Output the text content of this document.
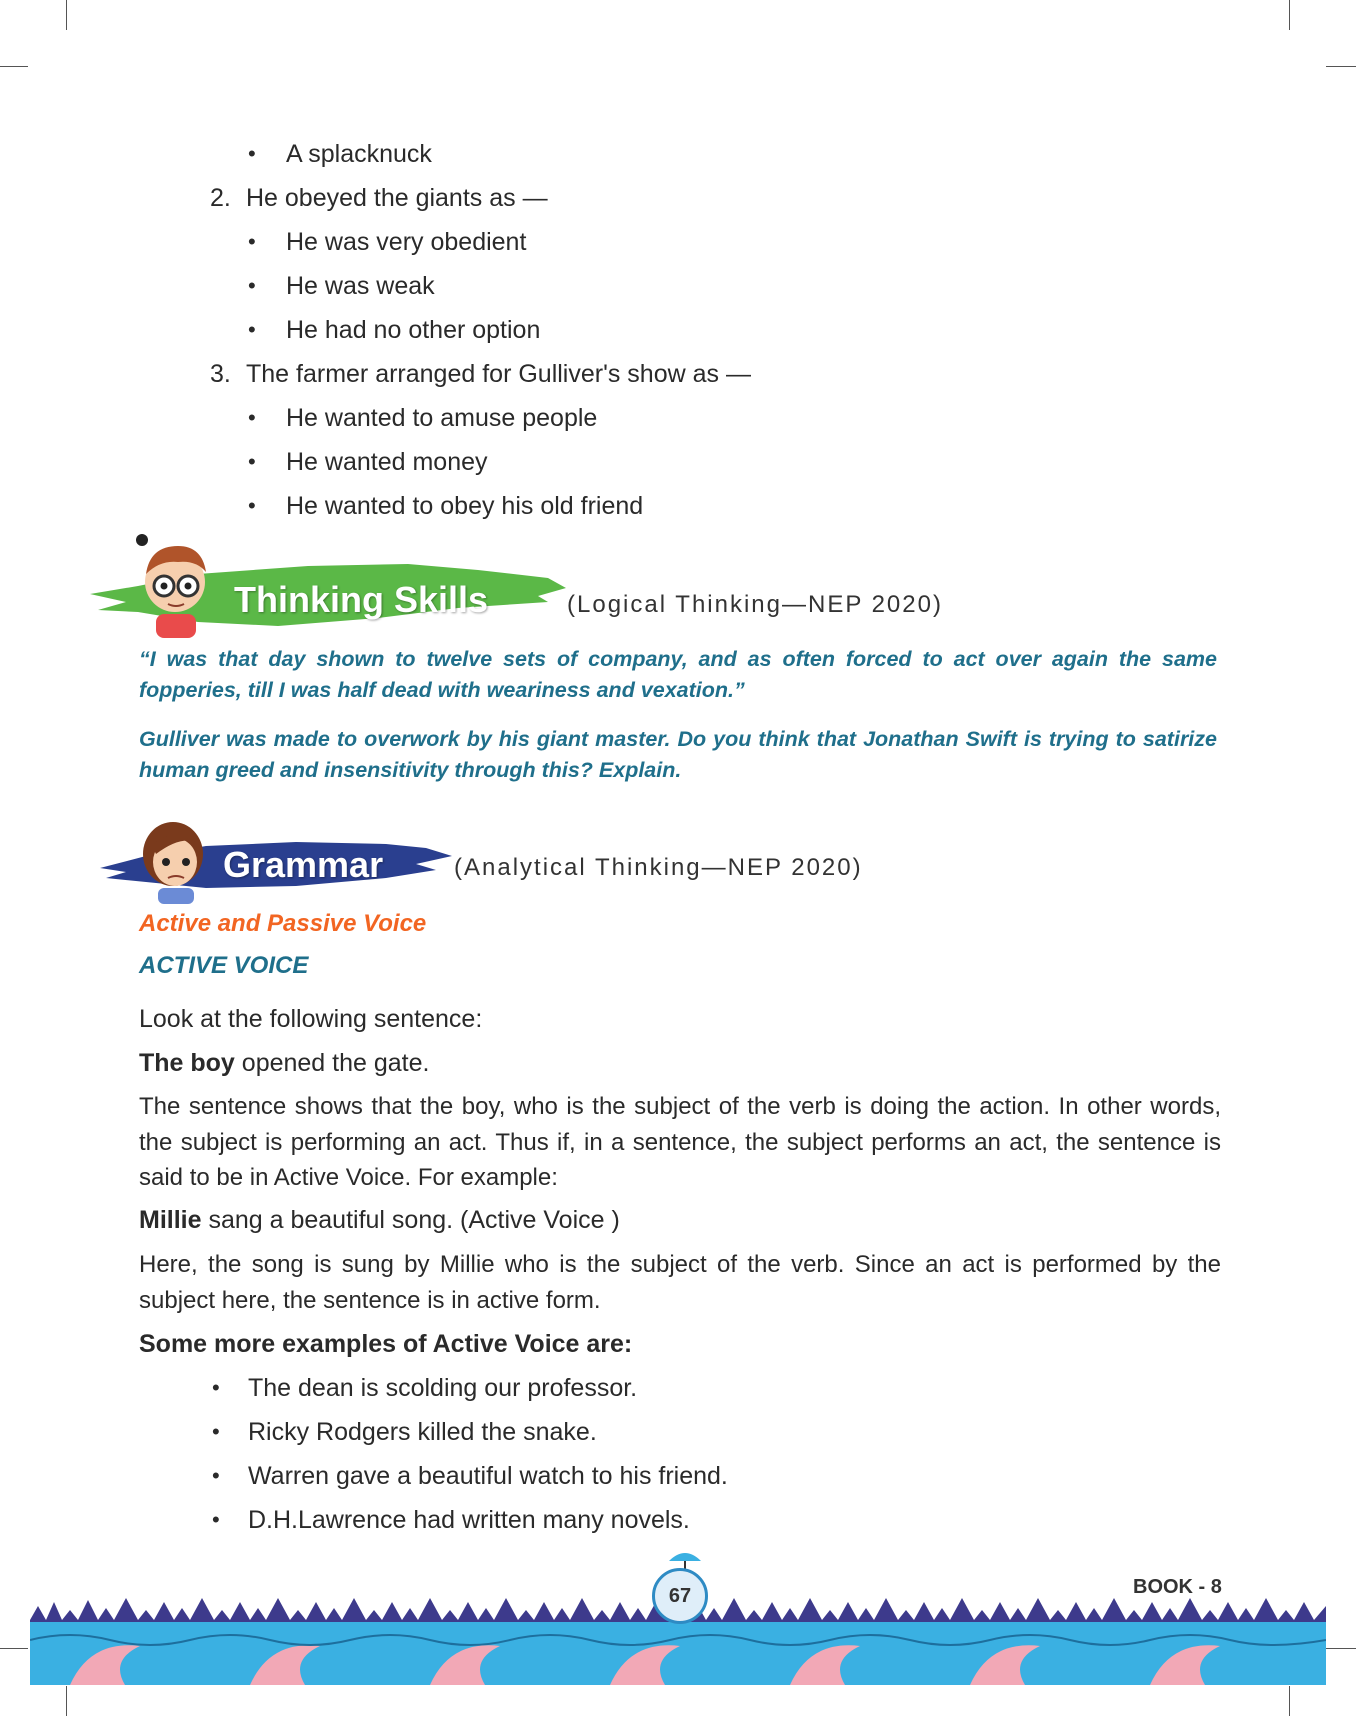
• A splacknuck
2. He obeyed the giants as —
• He was very obedient
• He was weak
• He had no other option
3. The farmer arranged for Gulliver's show as —
• He wanted to amuse people
• He wanted money
• He wanted to obey his old friend
Thinking Skills	(Logical Thinking—NEP 2020)
“I was that day shown to twelve sets of company, and as often forced to act over again the same fopperies, till I was half dead with weariness and vexation.”
Gulliver was made to overwork by his giant master. Do you think that Jonathan Swift is trying to satirize human greed and insensitivity through this? Explain.
Grammar	(Analytical Thinking—NEP 2020)
Active and Passive Voice
ACTIVE VOICE
Look at the following sentence:
The boy opened the gate.
The sentence shows that the boy, who is the subject of the verb is doing the action. In other words, the subject is performing an act. Thus if, in a sentence, the subject performs an act, the sentence is said to be in Active Voice. For example:
Millie sang a beautiful song. (Active Voice )
Here, the song is sung by Millie who is the subject of the verb. Since an act is performed by the subject here, the sentence is in active form.
Some more examples of Active Voice are:
• The dean is scolding our professor.
• Ricky Rodgers killed the snake.
• Warren gave a beautiful watch to his friend.
• D.H.Lawrence had written many novels.
67	BOOK - 8
